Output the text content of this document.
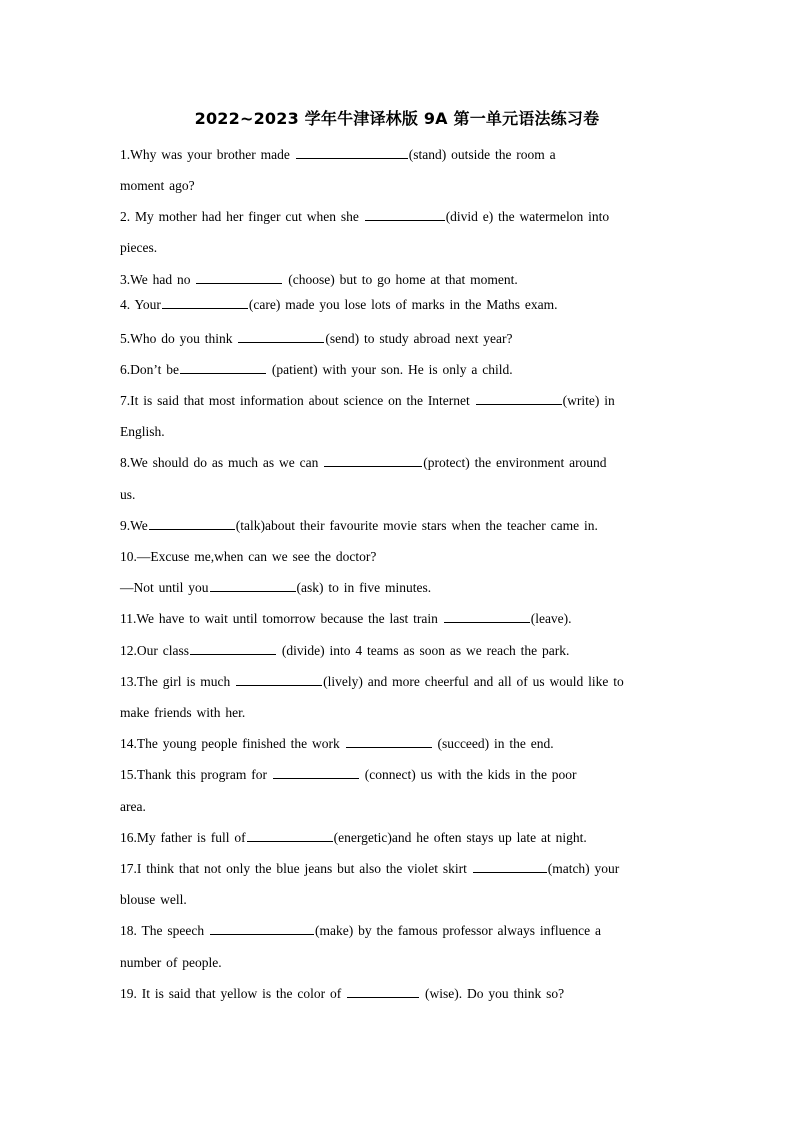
2022~2023 学年牛津译林版 9A 第一单元语法练习卷
1.Why was your brother made	(stand) outside the room a
moment ago?
2. My mother had her finger cut when she	(divid e) the watermelon into
pieces.
3.We had no	(choose) but to go home at that moment.
4. Your	(care) made you lose lots of marks in the Maths exam.
5.Who do you think	(send) to study abroad next year?
6.Don’t be	(patient) with your son. He is only a child.
7.It is said that most information about science on the Internet	(write) in
English.
8.We should do as much as we can	(protect) the environment around
us.
9.We	(talk)about their favourite movie stars when the teacher came in.
10.—Excuse me,when can we see the doctor?
—Not until you	(ask) to in five minutes.
11.We have to wait until tomorrow because the last train	(leave).
12.Our class	(divide) into 4 teams as soon as we reach the park.
13.The girl is much	(lively) and more cheerful and all of us would like to
make friends with her.
14.The young people finished the work	(succeed) in the end.
15.Thank this program for	(connect) us with the kids in the poor
area.
16.My father is full of	(energetic)and he often stays up late at night.
17.I think that not only the blue jeans but also the violet skirt	(match) your
blouse well.
18. The speech	(make) by the famous professor always influence a
number of people.
19. It is said that yellow is the color of	(wise). Do you think so?
